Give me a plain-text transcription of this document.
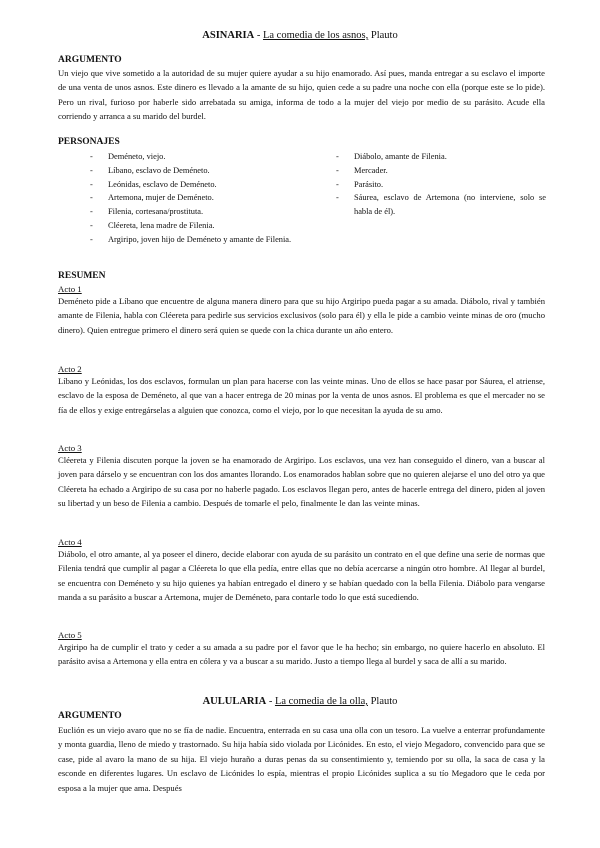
ASINARIA - La comedia de los asnos, Plauto
ARGUMENTO

Un viejo que vive sometido a la autoridad de su mujer quiere ayudar a su hijo enamorado. Así pues, manda entregar a su esclavo el importe de una venta de unos asnos. Este dinero es llevado a la amante de su hijo, quien cede a su padre una noche con ella (porque este se lo pide). Pero un rival, furioso por haberle sido arrebatada su amiga, informa de todo a la mujer del viejo por medio de su parásito. Acude ella corriendo y arranca a su marido del burdel.

PERSONAJES
- Deméneto, viejo.
- Líbano, esclavo de Deméneto.
- Leónidas, esclavo de Deméneto.
- Artemona, mujer de Deméneto.
- Filenia, cortesana/prostituta.
- Cléereta, lena madre de Filenia.
- Argiripo, joven hijo de Deméneto y amante de Filenia.
- Diábolo, amante de Filenia.
- Mercader.
- Parásito.
- Sáurea, esclavo de Artemona (no interviene, solo se habla de él).
RESUMEN
Acto 1

Deméneto pide a Líbano que encuentre de alguna manera dinero para que su hijo Argiripo pueda pagar a su amada. Diábolo, rival y también amante de Filenia, habla con Cléereta para pedirle sus servicios exclusivos (solo para él) y ella le pide a cambio veinte minas de oro (mucho dinero). Quien entregue primero el dinero será quien se quede con la chica durante un año entero.

Acto 2

Líbano y Leónidas, los dos esclavos, formulan un plan para hacerse con las veinte minas. Uno de ellos se hace pasar por Sáurea, el atriense, esclavo de la esposa de Deméneto, al que van a hacer entrega de 20 minas por la venta de unos asnos. El problema es que el mercader no se fía de ellos y exige entregárselas a alguien que conozca, como el viejo, por lo que necesitan la ayuda de su amo.

Acto 3

Cléereta y Filenia discuten porque la joven se ha enamorado de Argiripo. Los esclavos, una vez han conseguido el dinero, van a buscar al joven para dárselo y se encuentran con los dos amantes llorando. Los enamorados hablan sobre que no quieren alejarse el uno del otro ya que Cléereta ha echado a Argiripo de su casa por no haberle pagado. Los esclavos llegan pero, antes de hacerle entrega del dinero, piden al joven su libertad y un beso de Filenia a cambio. Después de tomarle el pelo, finalmente le dan las veinte minas.

Acto 4

Diábolo, el otro amante, al ya poseer el dinero, decide elaborar con ayuda de su parásito un contrato en el que define una serie de normas que Filenia tendrá que cumplir al pagar a Cléereta lo que ella pedía, entre ellas que no debía acercarse a ningún otro hombre. Al llegar al burdel, se encuentra con Deméneto y su hijo quienes ya habían entregado el dinero y se habían quedado con la bella Filenia. Diábolo para vengarse manda a su parásito a buscar a Artemona, mujer de Deméneto, para contarle todo lo que está sucediendo.

Acto 5

Argiripo ha de cumplir el trato y ceder a su amada a su padre por el favor que le ha hecho; sin embargo, no quiere hacerlo en absoluto. El parásito avisa a Artemona y ella entra en cólera y va a buscar a su marido. Justo a tiempo llega al burdel y saca de allí a su marido.

AULULARIA - La comedia de la olla, Plauto
ARGUMENTO

Euclión es un viejo avaro que no se fía de nadie. Encuentra, enterrada en su casa una olla con un tesoro. La vuelve a enterrar profundamente y monta guardia, lleno de miedo y trastornado. Su hija había sido violada por Licónides. En esto, el viejo Megadoro, convencido para que se case, pide al avaro la mano de su hija. El viejo huraño a duras penas da su consentimiento y, temiendo por su olla, la saca de casa y la esconde en diferentes lugares. Un esclavo de Licónides lo espía, mientras el propio Licónides suplica a su tío Megadoro que le ceda por esposa a la mujer que ama. Después
